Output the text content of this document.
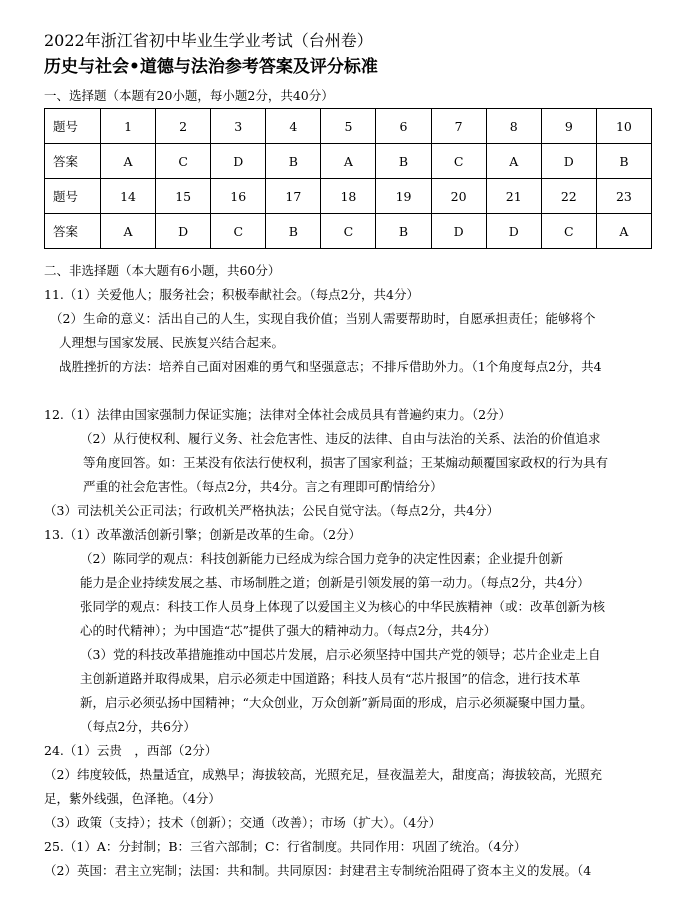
2022年浙江省初中毕业生学业考试（台州卷）
历史与社会•道德与法治参考答案及评分标准
一、选择题（本题有20小题，每小题2分，共40分）
题号	1	2	3	4	5	6	7	8	9	10
答案	A	C	D	B	A	B	C	A	D	B
题号	14	15	16	17	18	19	20	21	22	23
答案	A	D	C	B	C	B	D	D	C	A
二、非选择题（本大题有6小题，共60分）
11.（1）关爱他人；服务社会；积极奉献社会。（每点2分，共4分）
（2）生命的意义：活出自己的人生，实现自我价值；当别人需要帮助时，自愿承担责任；能够将个
人理想与国家发展、民族复兴结合起来。
战胜挫折的方法：培养自己面对困难的勇气和坚强意志；不排斥借助外力。（1个角度每点2分，共4
12.（1）法律由国家强制力保证实施；法律对全体社会成员具有普遍约束力。（2分）
（2）从行使权利、履行义务、社会危害性、违反的法律、自由与法治的关系、法治的价值追求
等角度回答。如：王某没有依法行使权利，损害了国家利益；王某煽动颠覆国家政权的行为具有
严重的社会危害性。（每点2分，共4分。言之有理即可酌情给分）
（3）司法机关公正司法；行政机关严格执法；公民自觉守法。（每点2分，共4分）
13.（1）改革激活创新引擎；创新是改革的生命。（2分）
（2）陈同学的观点：科技创新能力已经成为综合国力竞争的决定性因素；企业提升创新
能力是企业持续发展之基、市场制胜之道；创新是引领发展的第一动力。（每点2分，共4分）
张同学的观点：科技工作人员身上体现了以爱国主义为核心的中华民族精神（或：改革创新为核
心的时代精神）；为中国造“芯”提供了强大的精神动力。（每点2分，共4分）
（3）党的科技改革措施推动中国芯片发展，启示必须坚持中国共产党的领导；芯片企业走上自
主创新道路并取得成果，启示必须走中国道路；科技人员有“芯片报国”的信念，进行技术革
新，启示必须弘扬中国精神；“大众创业，万众创新”新局面的形成，启示必须凝聚中国力量。
（每点2分，共6分）
24.（1）云贵　，西部（2分）
（2）纬度较低，热量适宜，成熟早；海拔较高，光照充足，昼夜温差大，甜度高；海拔较高，光照充
足，紫外线强，色泽艳。（4分）
（3）政策（支持）；技术（创新）；交通（改善）；市场（扩大）。（4分）
25.（1）A：分封制；B：三省六部制；C：行省制度。共同作用：巩固了统治。（4分）
（2）英国：君主立宪制；法国：共和制。共同原因：封建君主专制统治阻碍了资本主义的发展。（4
